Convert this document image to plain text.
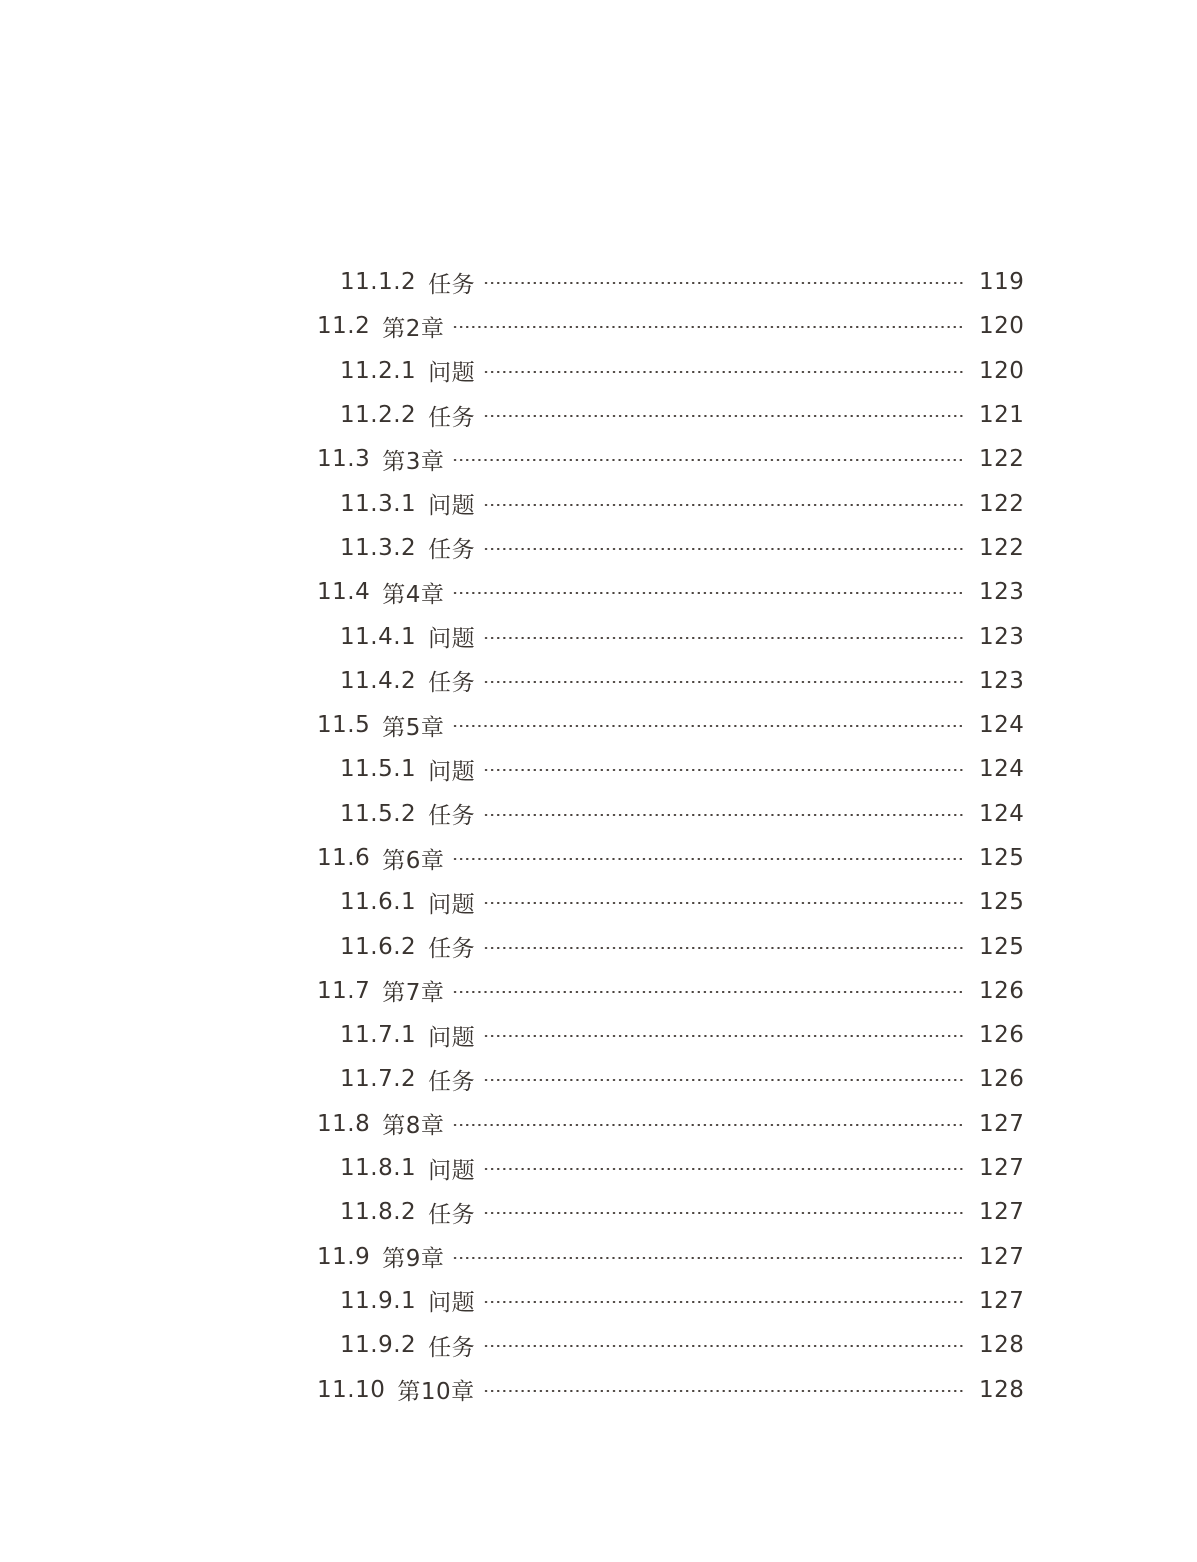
11.1.2 任务	119
11.2 第2章	120
11.2.1 问题	120
11.2.2 任务	121
11.3 第3章	122
11.3.1 问题	122
11.3.2 任务	122
11.4 第4章	123
11.4.1 问题	123
11.4.2 任务	123
11.5 第5章	124
11.5.1 问题	124
11.5.2 任务	124
11.6 第6章	125
11.6.1 问题	125
11.6.2 任务	125
11.7 第7章	126
11.7.1 问题	126
11.7.2 任务	126
11.8 第8章	127
11.8.1 问题	127
11.8.2 任务	127
11.9 第9章	127
11.9.1 问题	127
11.9.2 任务	128
11.10 第10章	128
